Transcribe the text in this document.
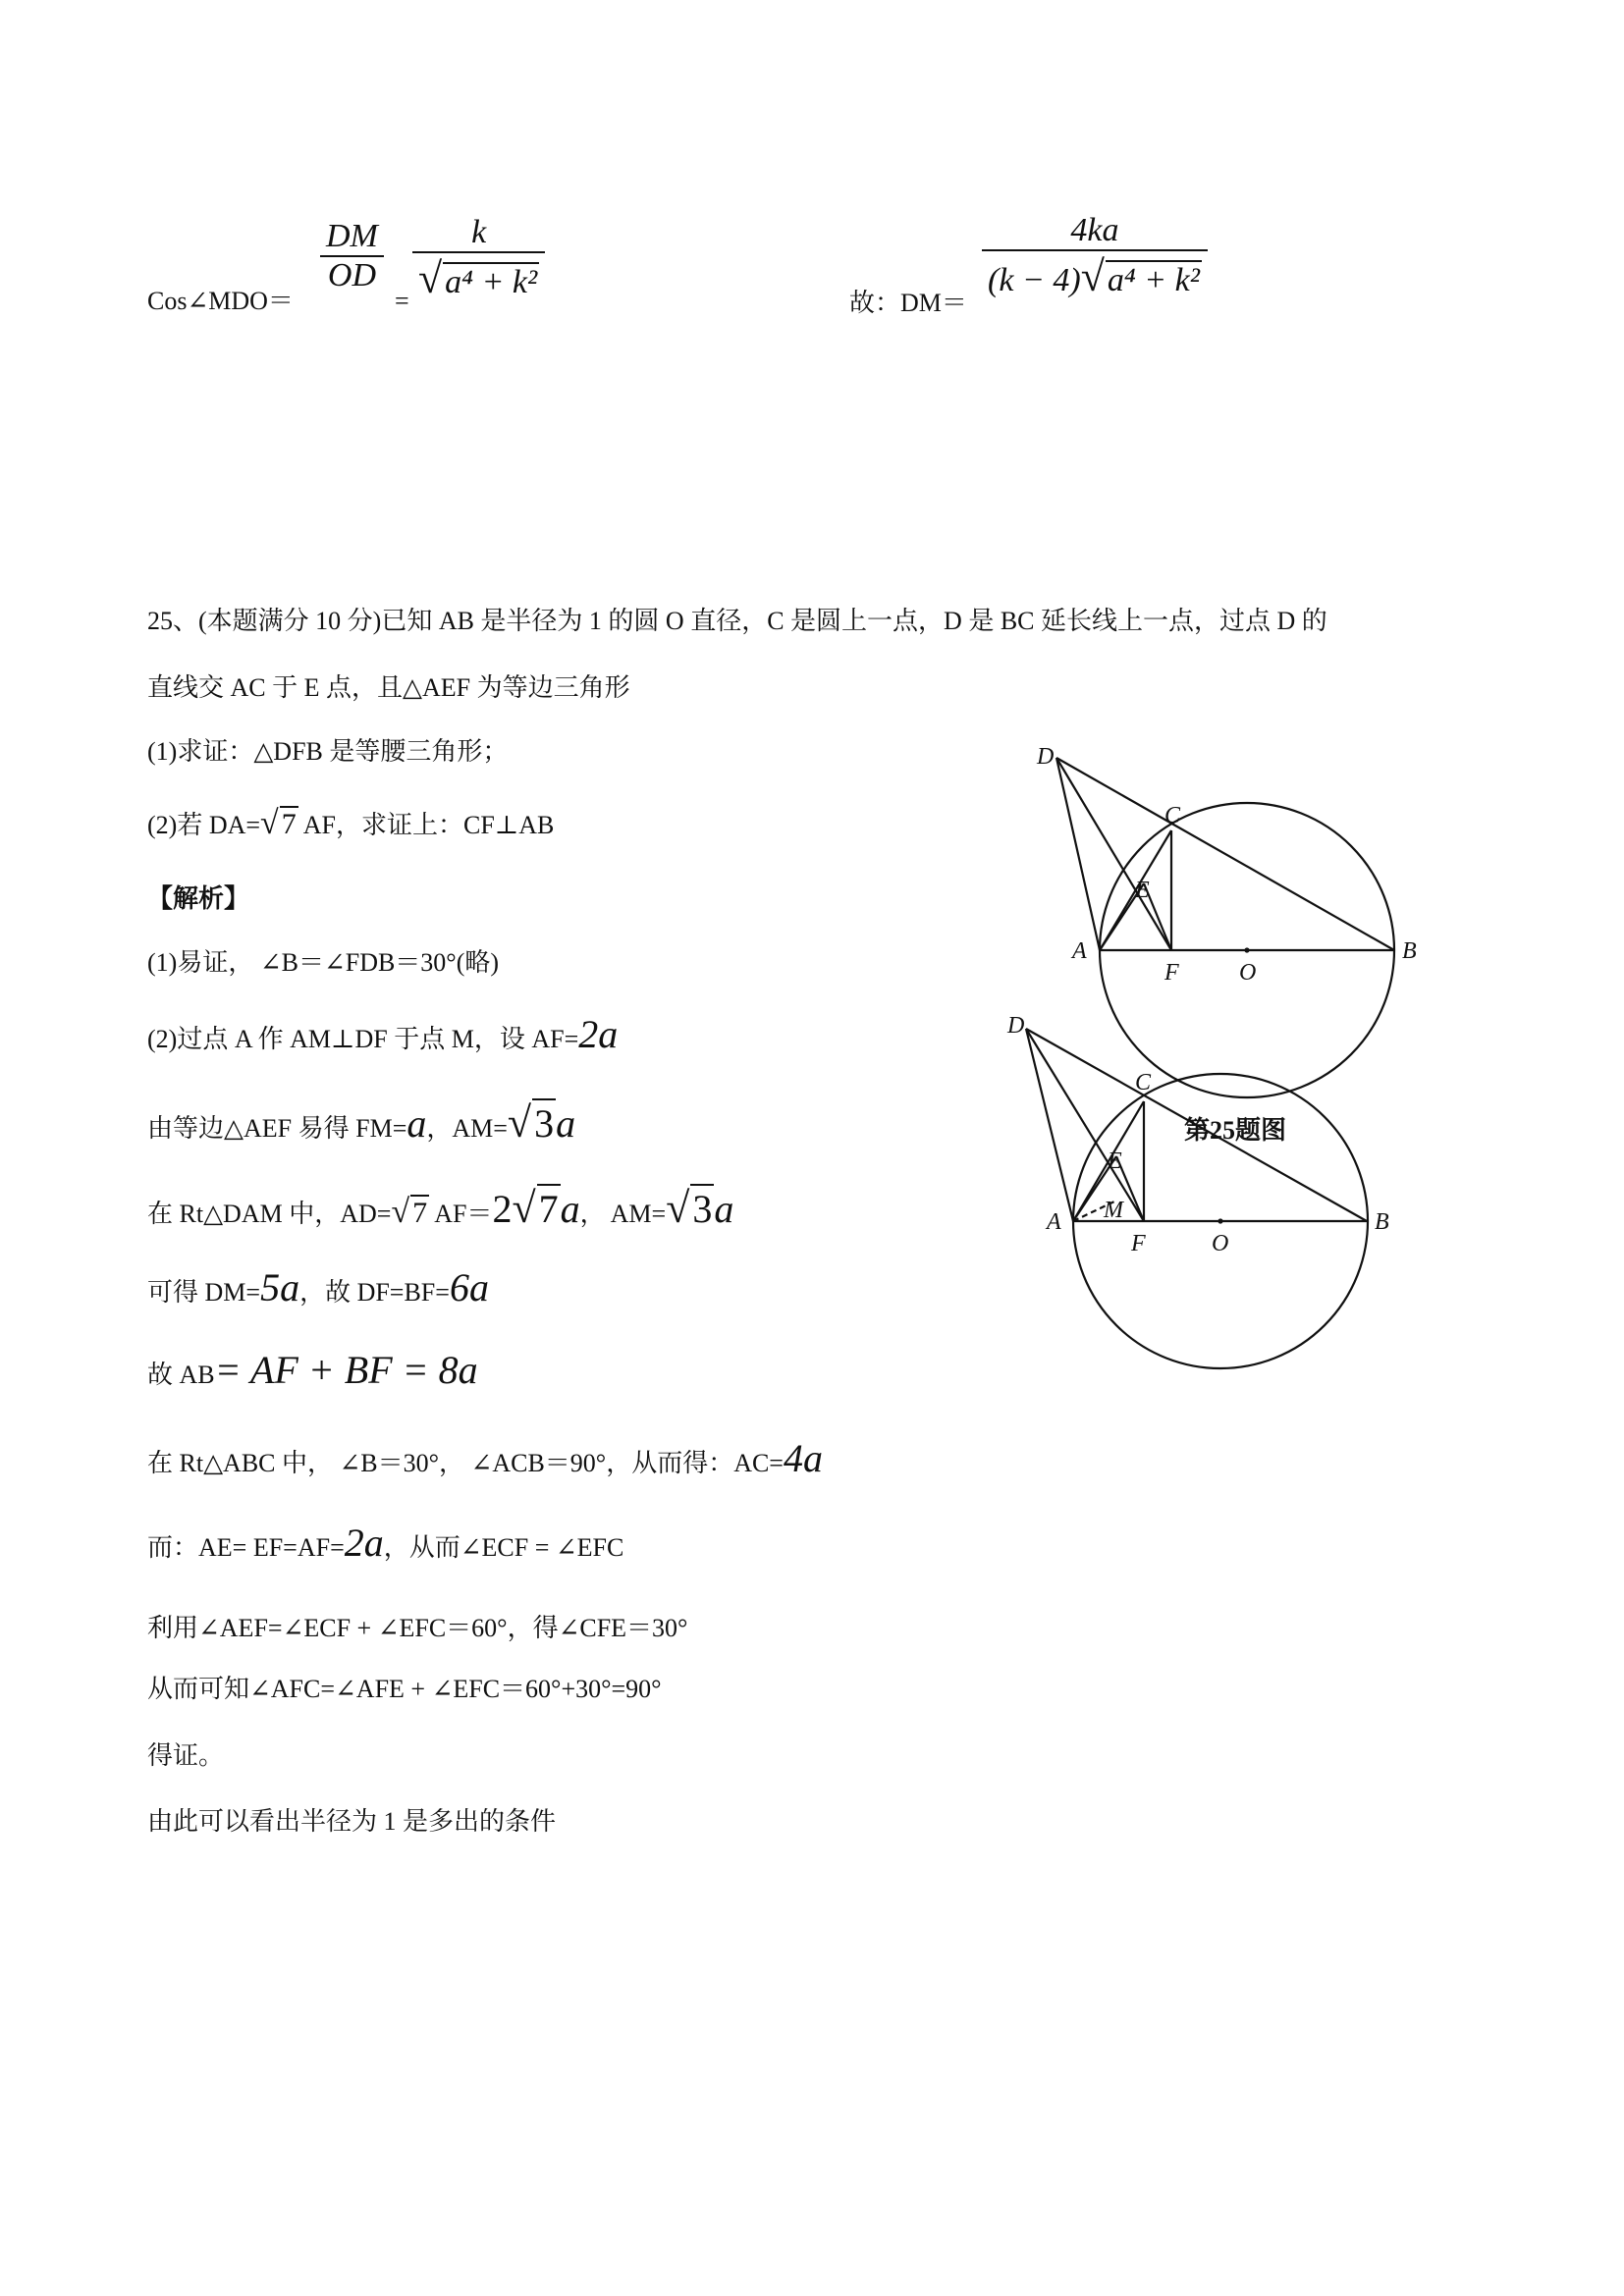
Cos∠MDO＝
$\frac{DM}{OD}$
= $\frac{k}{\text{√a⁴ + k²}}$	故：DM＝
$\frac{4ka}{\text{(k − 4)√a⁴ + k²}}$
25、(本题满分 10 分)已知 AB 是半径为 1 的圆 O 直径，C 是圆上一点，D 是 BC 延长线上一点，过点 D 的
直线交 AC 于 E 点，且△AEF 为等边三角形
(1)求证：△DFB 是等腰三角形；
(2)若 DA=√ 7 AF，求证上：CF⊥AB
【解析】
(1)易证， ∠B＝∠FDB＝30°(略)
(2)过点 A 作 AM⊥DF 于点 M，设 AF=2a
由等边△AEF 易得 FM=a，AM=√3a
在 Rt△DAM 中，AD=√ 7 AF＝2√7a， AM=√3a
可得 DM=5a，故 DF=BF=6a
故 AB= AF + BF = 8a
在 Rt△ABC 中， ∠B＝30°， ∠ACB＝90°，从而得：AC=4a
而：AE= EF=AF=2a，从而∠ECF = ∠EFC
利用∠AEF=∠ECF + ∠EFC＝60°，得∠CFE＝30°
从而可知∠AFC=∠AFE + ∠EFC＝60°+30°=90°
得证。
由此可以看出半径为 1 是多出的条件
D
C
E
A
F	O
B
D
C
E
M
A
F	O
B
第25题图
